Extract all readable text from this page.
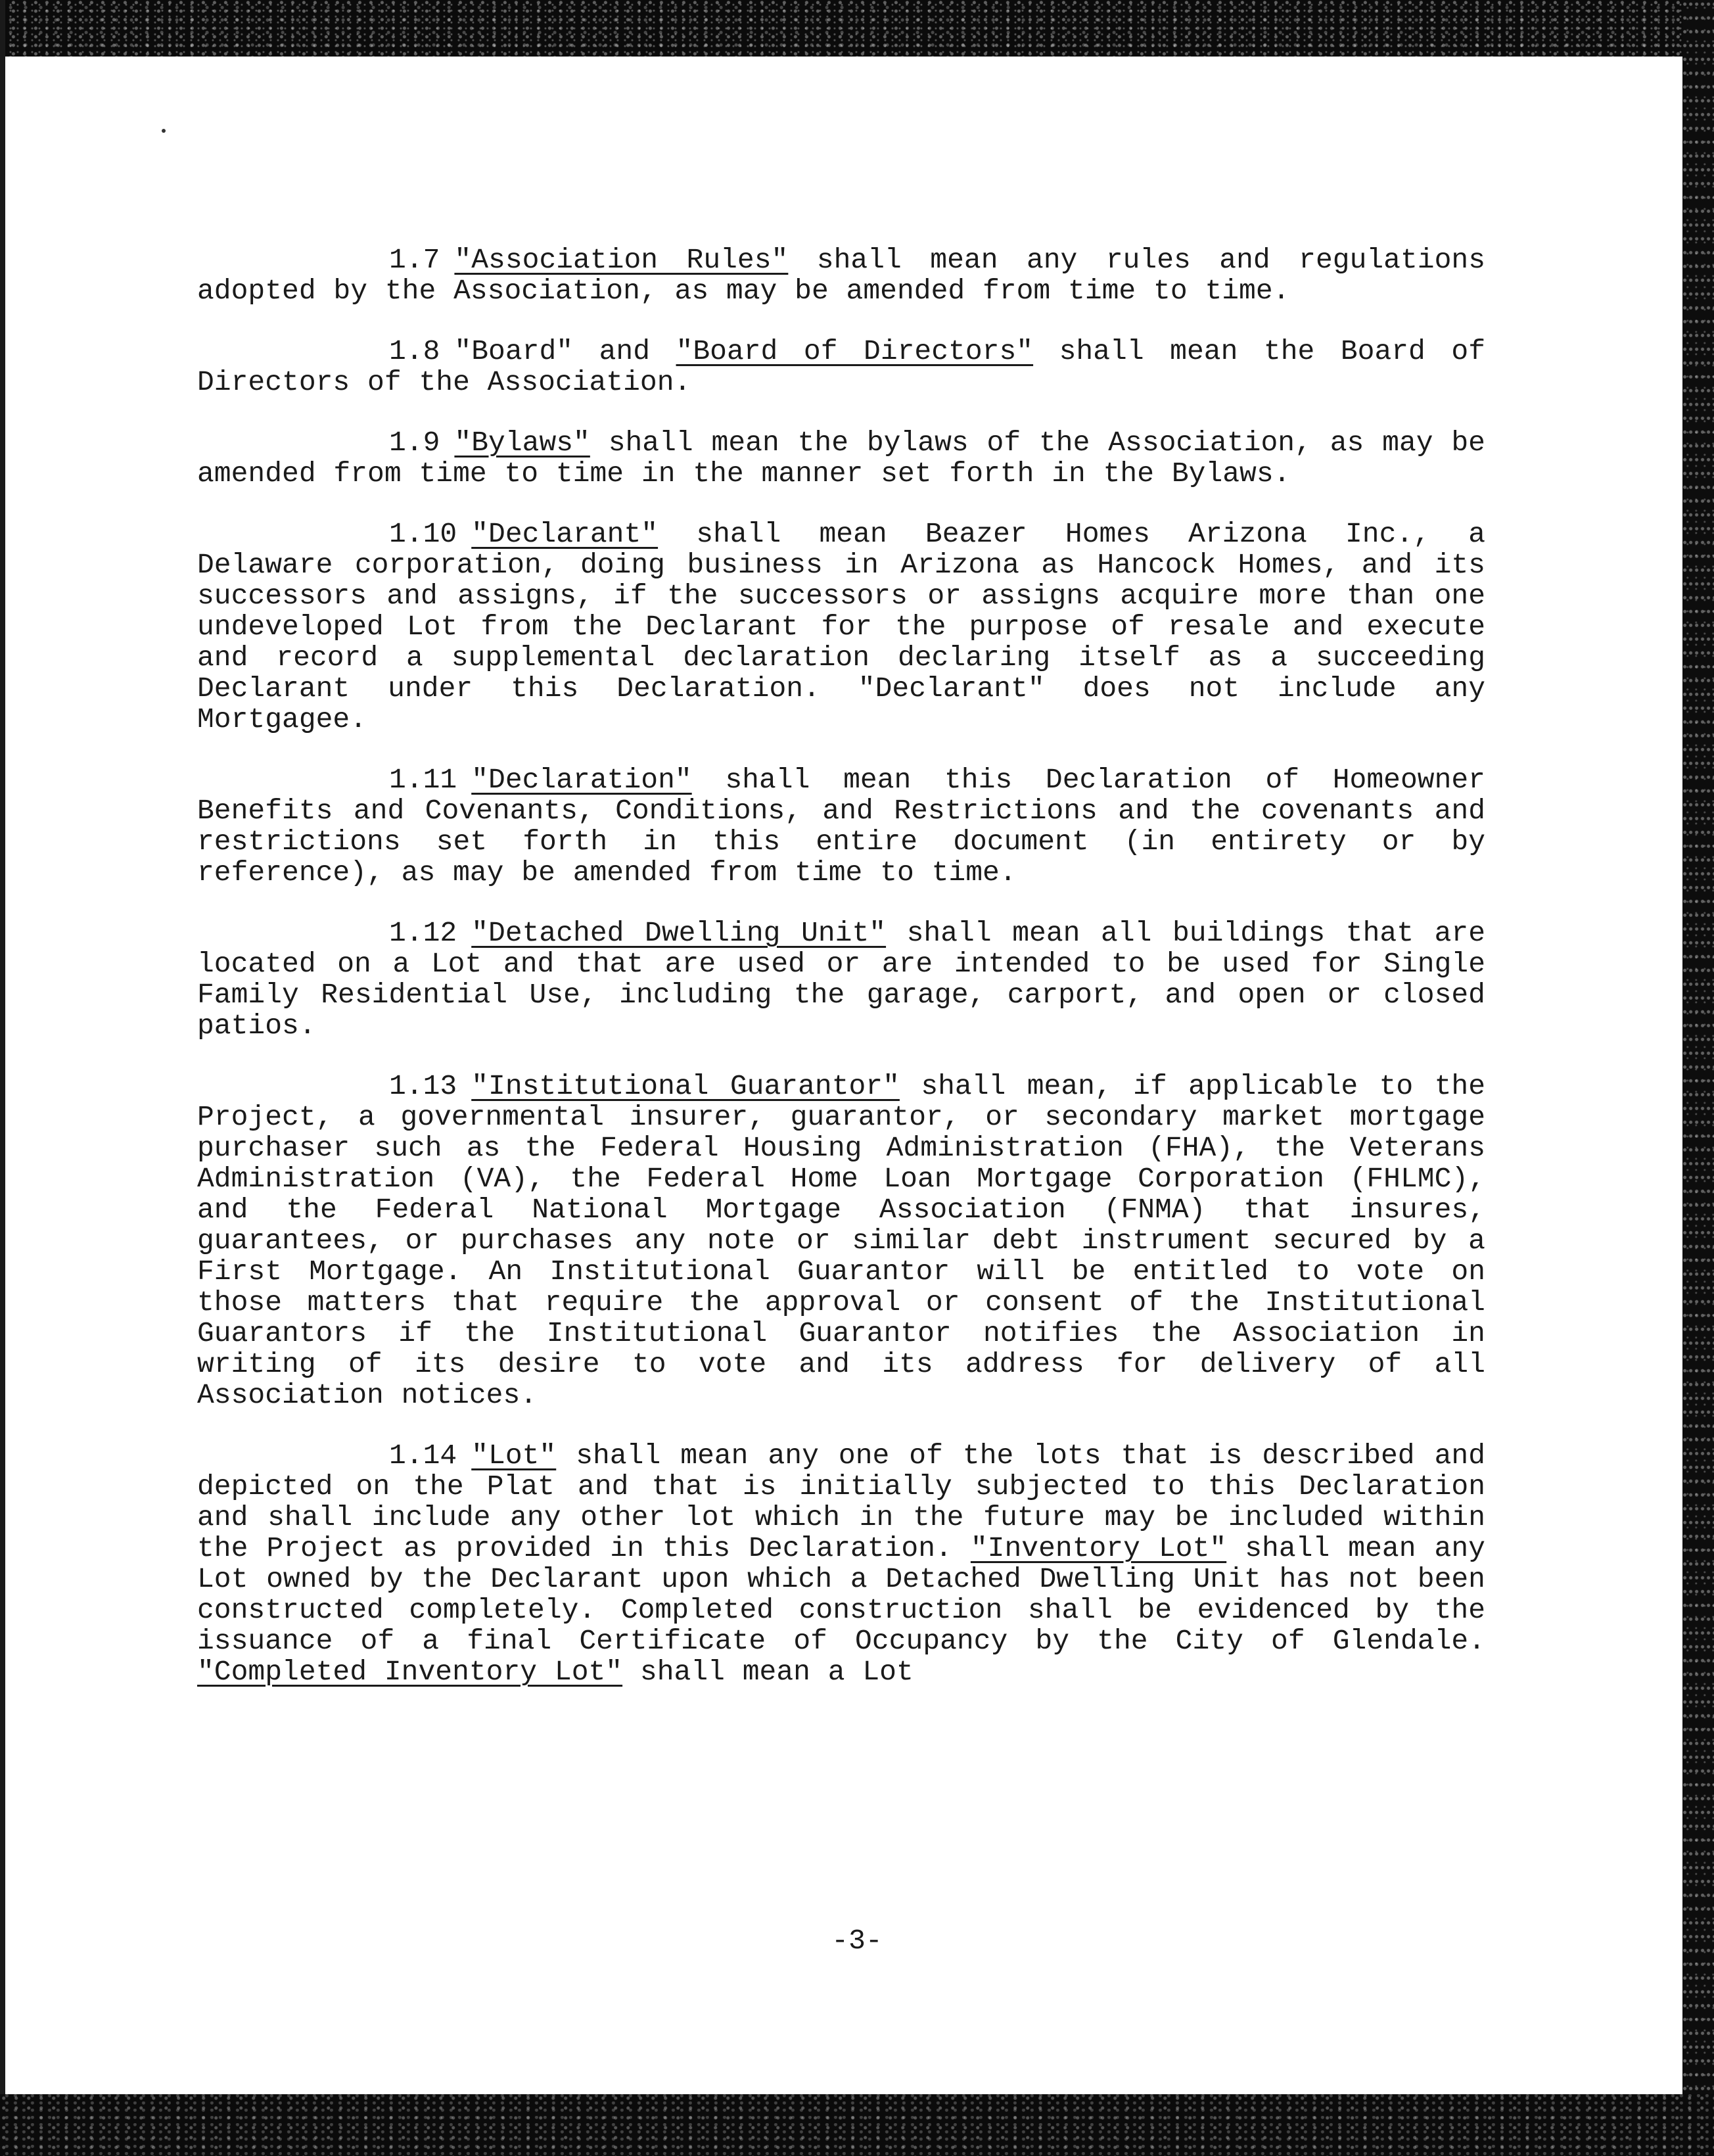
1.7 "Association Rules" shall mean any rules and regulations adopted by the Association, as may be amended from time to time.

1.8 "Board" and "Board of Directors" shall mean the Board of Directors of the Association.

1.9 "Bylaws" shall mean the bylaws of the Association, as may be amended from time to time in the manner set forth in the Bylaws.

1.10 "Declarant" shall mean Beazer Homes Arizona Inc., a Delaware corporation, doing business in Arizona as Hancock Homes, and its successors and assigns, if the successors or assigns acquire more than one undeveloped Lot from the Declarant for the purpose of resale and execute and record a supplemental declaration declaring itself as a succeeding Declarant under this Declaration. "Declarant" does not include any Mortgagee.

1.11 "Declaration" shall mean this Declaration of Homeowner Benefits and Covenants, Conditions, and Restrictions and the covenants and restrictions set forth in this entire document (in entirety or by reference), as may be amended from time to time.

1.12 "Detached Dwelling Unit" shall mean all buildings that are located on a Lot and that are used or are intended to be used for Single Family Residential Use, including the garage, carport, and open or closed patios.

1.13 "Institutional Guarantor" shall mean, if applicable to the Project, a governmental insurer, guarantor, or secondary market mortgage purchaser such as the Federal Housing Administration (FHA), the Veterans Administration (VA), the Federal Home Loan Mortgage Corporation (FHLMC), and the Federal National Mortgage Association (FNMA) that insures, guarantees, or purchases any note or similar debt instrument secured by a First Mortgage. An Institutional Guarantor will be entitled to vote on those matters that require the approval or consent of the Institutional Guarantors if the Institutional Guarantor notifies the Association in writing of its desire to vote and its address for delivery of all Association notices.

1.14 "Lot" shall mean any one of the lots that is described and depicted on the Plat and that is initially subjected to this Declaration and shall include any other lot which in the future may be included within the Project as provided in this Declaration. "Inventory Lot" shall mean any Lot owned by the Declarant upon which a Detached Dwelling Unit has not been constructed completely. Completed construction shall be evidenced by the issuance of a final Certificate of Occupancy by the City of Glendale. "Completed Inventory Lot" shall mean a Lot

-3-
